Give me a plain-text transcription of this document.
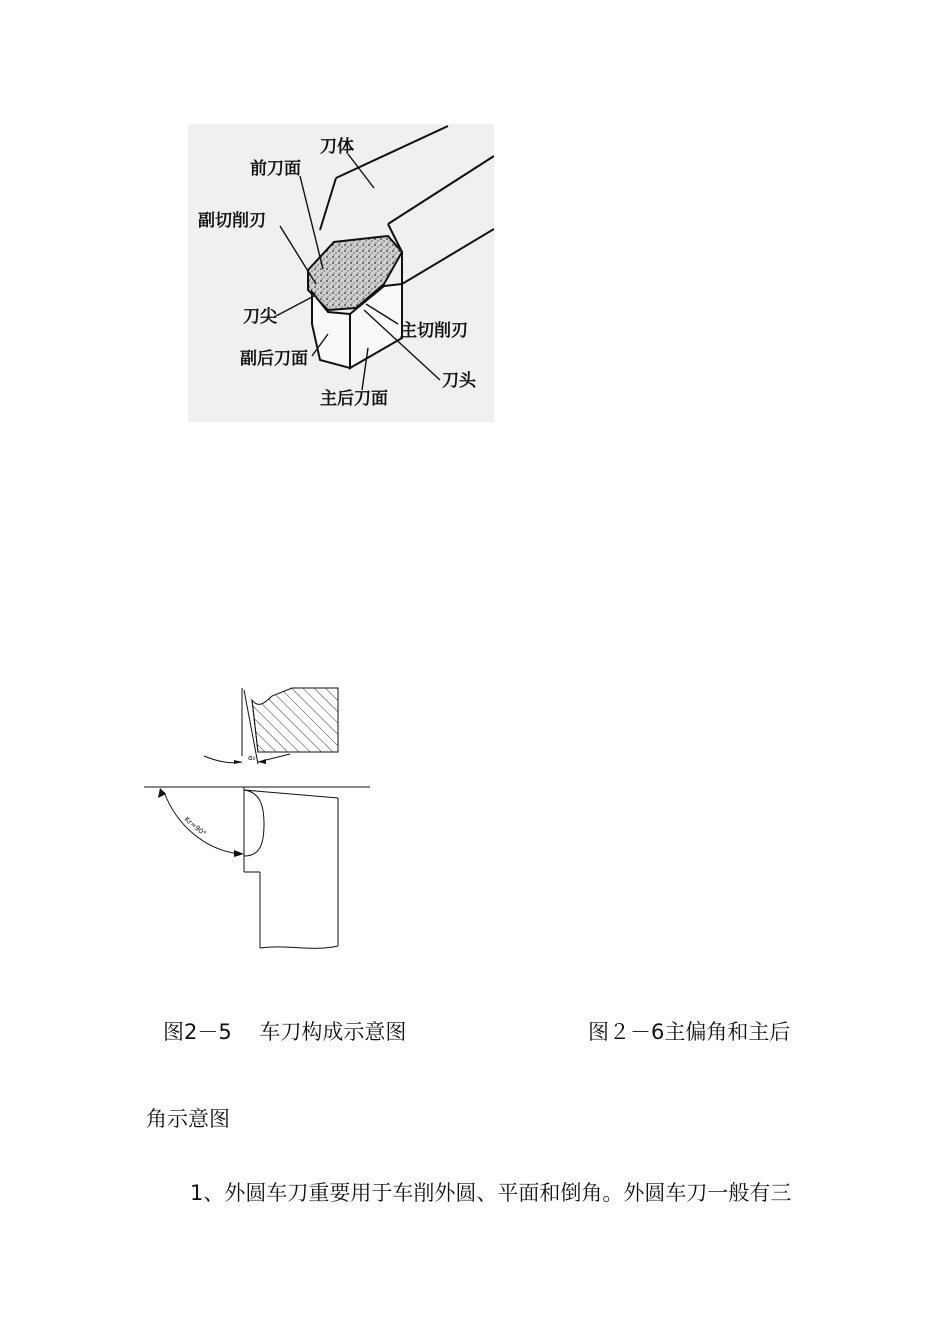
刀体
前刀面
副切削刃
刀尖
副后刀面
主切削刃
刀头
主后刀面
α₀
Kr=90°
图2－5　 车刀构成示意图	图２－6主偏角和主后
角示意图
1、外圆车刀重要用于车削外圆、平面和倒角。外圆车刀一般有三
